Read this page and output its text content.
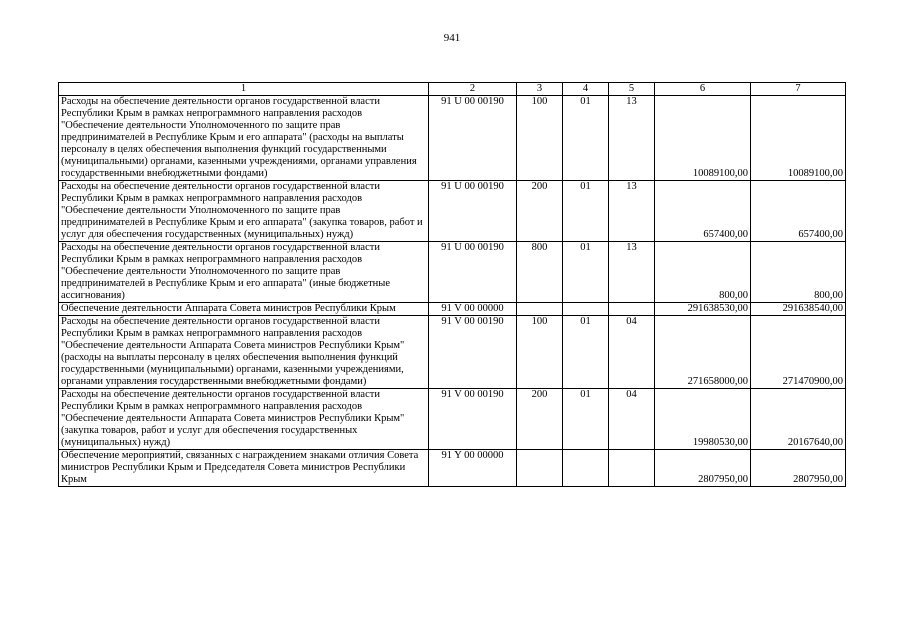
941
1	2	3	4	5	6	7
Расходы на обеспечение деятельности органов государственной власти Республики Крым в рамках непрограммного направления расходов "Обеспечение деятельности Уполномоченного по защите прав предпринимателей в Республике Крым и его аппарата" (расходы на выплаты персоналу в целях обеспечения выполнения функций государственными (муниципальными) органами, казенными учреждениями, органами управления государственными внебюджетными фондами)	91 U 00 00190	100	01	13	10089100,00	10089100,00
Расходы на обеспечение деятельности органов государственной власти Республики Крым в рамках непрограммного направления расходов "Обеспечение деятельности Уполномоченного по защите прав предпринимателей в Республике Крым и его аппарата" (закупка товаров, работ и услуг для обеспечения государственных (муниципальных) нужд)	91 U 00 00190	200	01	13	657400,00	657400,00
Расходы на обеспечение деятельности органов государственной власти Республики Крым в рамках непрограммного направления расходов "Обеспечение деятельности Уполномоченного по защите прав предпринимателей в Республике Крым и его аппарата" (иные бюджетные ассигнования)	91 U 00 00190	800	01	13	800,00	800,00
Обеспечение деятельности Аппарата Совета министров Республики Крым	91 V 00 00000				291638530,00	291638540,00
Расходы на обеспечение деятельности органов государственной власти Республики Крым в рамках непрограммного направления расходов "Обеспечение деятельности Аппарата Совета министров Республики Крым" (расходы на выплаты персоналу в целях обеспечения выполнения функций государственными (муниципальными) органами, казенными учреждениями, органами управления государственными внебюджетными фондами)	91 V 00 00190	100	01	04	271658000,00	271470900,00
Расходы на обеспечение деятельности органов государственной власти Республики Крым в рамках непрограммного направления расходов "Обеспечение деятельности Аппарата Совета министров Республики Крым" (закупка товаров, работ и услуг для обеспечения государственных (муниципальных) нужд)	91 V 00 00190	200	01	04	19980530,00	20167640,00
Обеспечение мероприятий, связанных с награждением знаками отличия Совета министров Республики Крым и Председателя Совета министров Республики Крым	91 Y 00 00000				2807950,00	2807950,00
